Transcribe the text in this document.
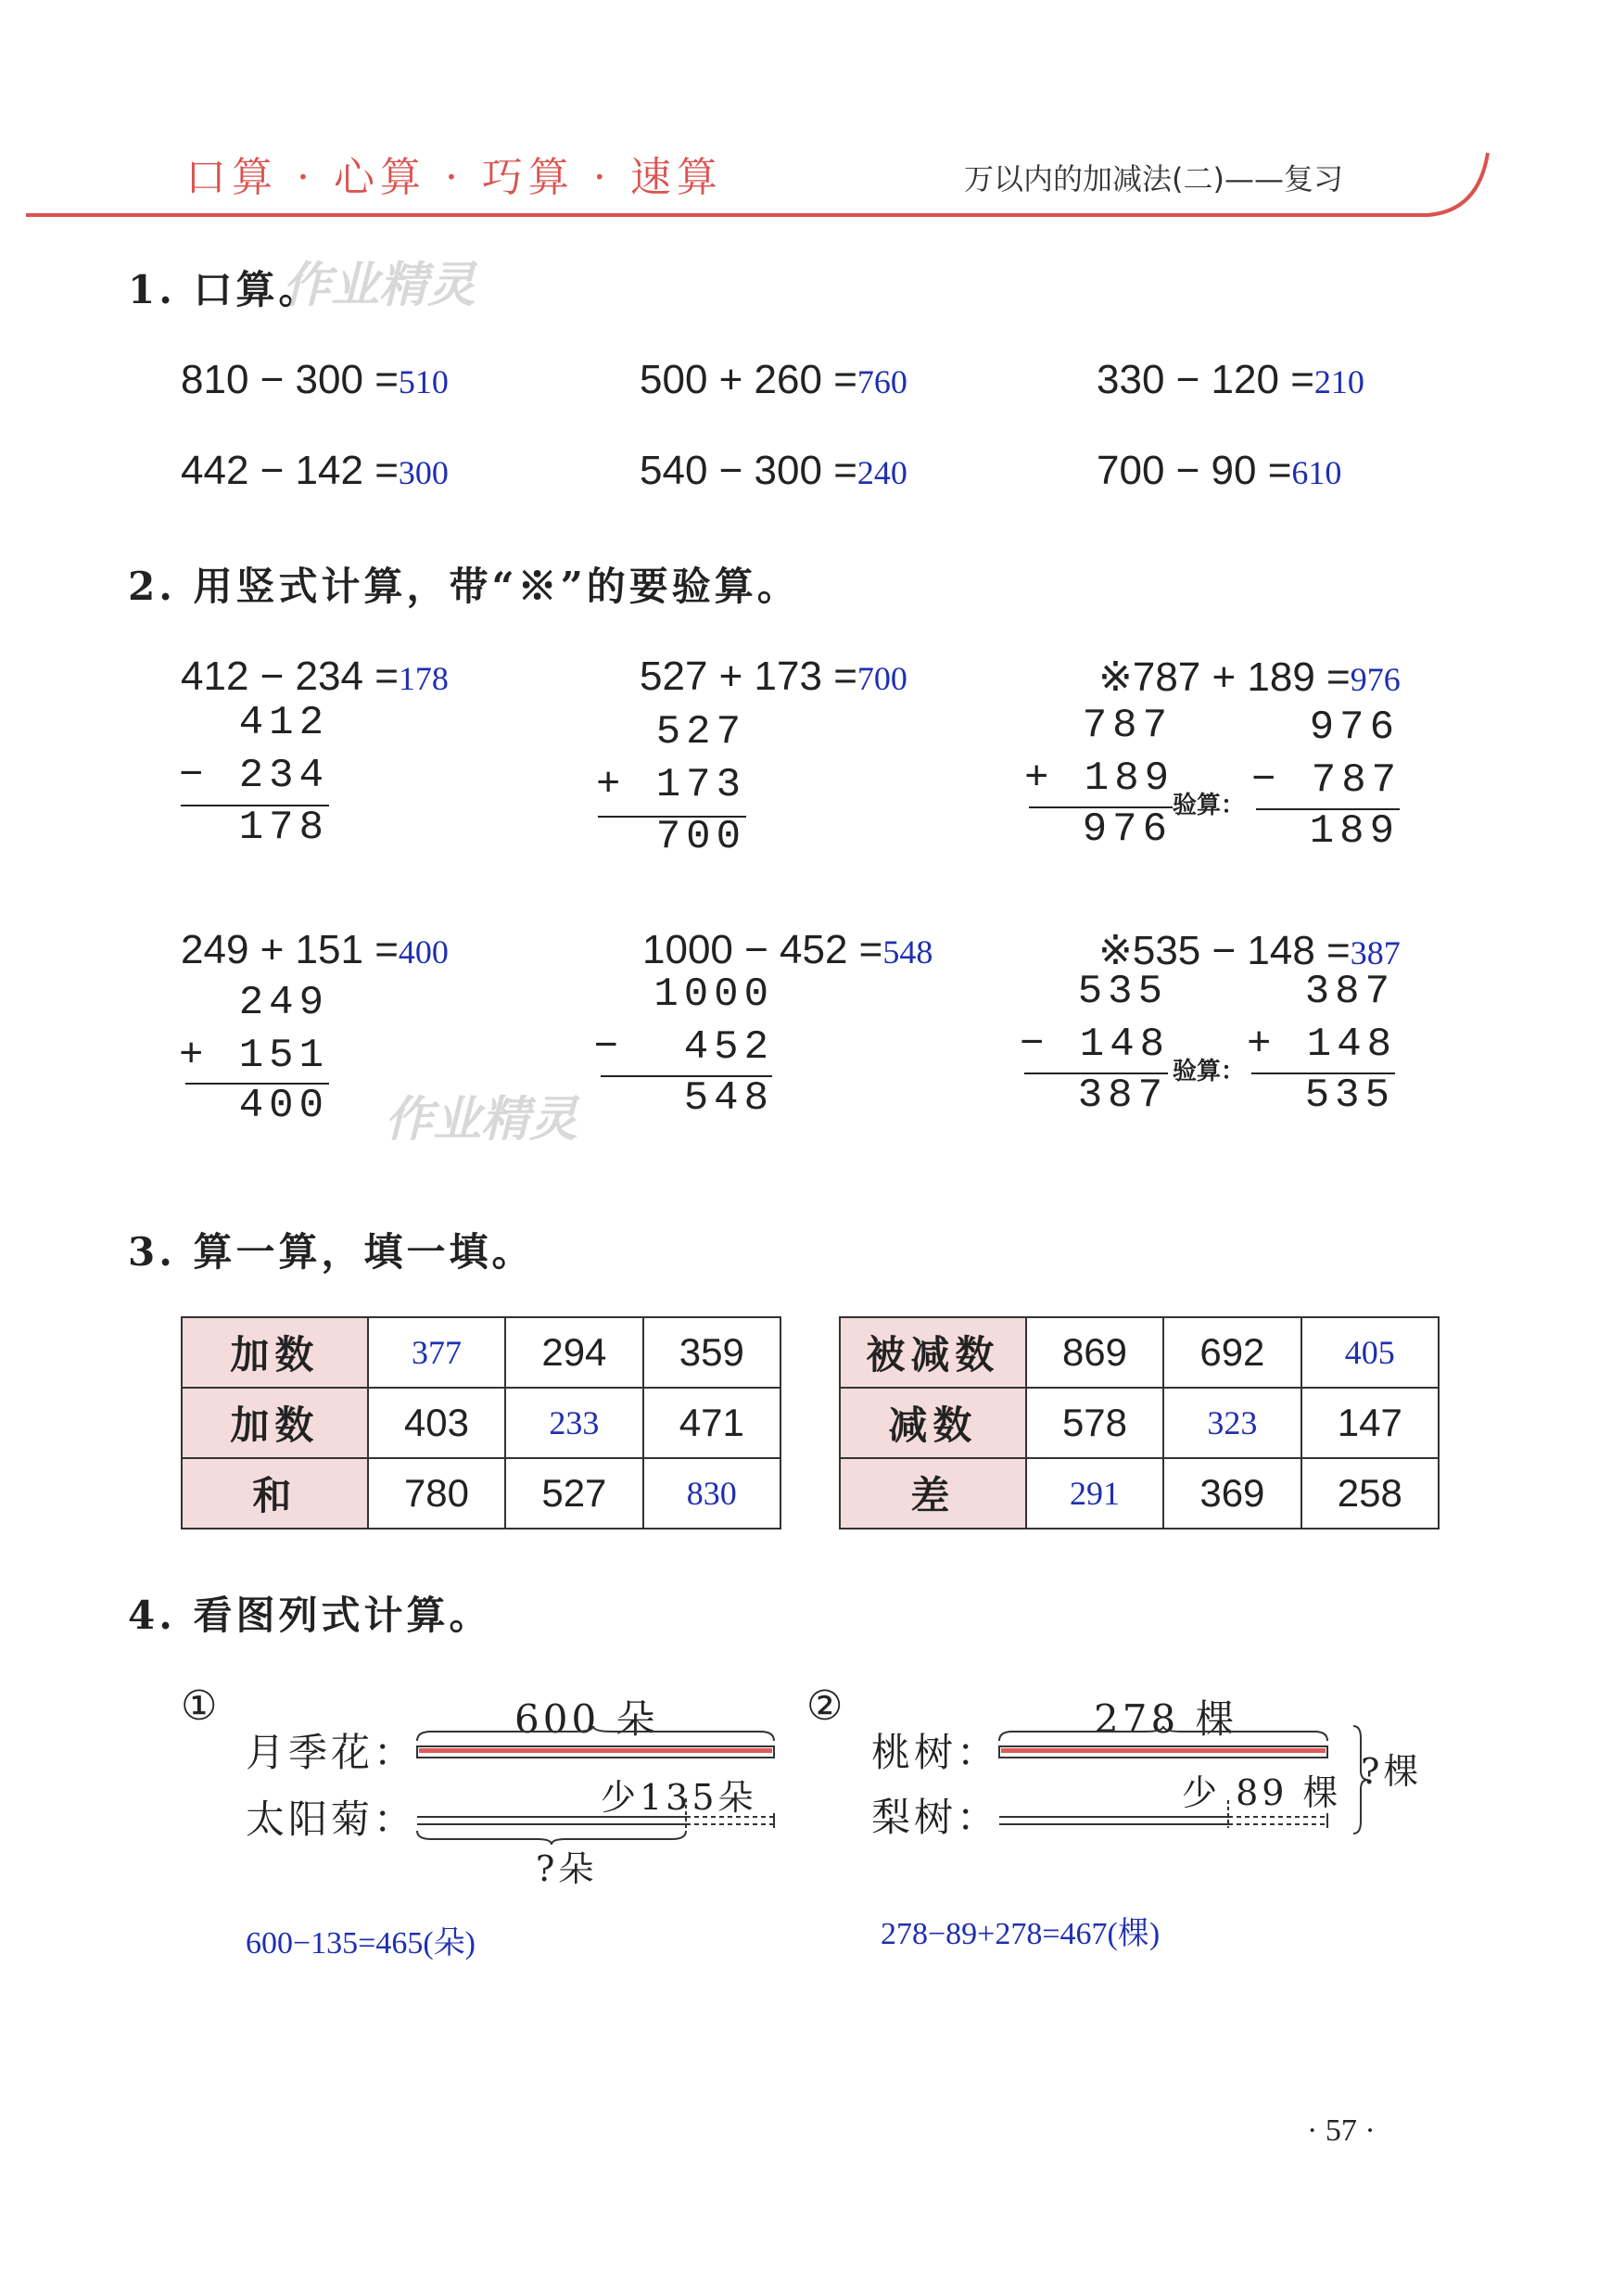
口算 · 心算 · 巧算 · 速算	万以内的加减法(二)——复习
1. 口算。
作业精灵
810 − 300 =510	500 + 260 =760	330 − 120 =210
442 − 142 =300	540 − 300 =240	700 − 90 =610
2. 用竖式计算，带“※”的要验算。
412 − 234 =178
412
− 234
178
527 + 173 =700
527
+ 173
700
※787 + 189 =976
787
+ 189
976
验算：
976
− 787
189
249 + 151 =400
249
+ 151
400 作业精灵
1000 − 452 =548
1000
−  452
548
※535 − 148 =387
535
− 148
387
验算：
387
+ 148
535
3. 算一算，填一填。
加数	377	294	359
加数	403	233	471
和	780	527	830
被减数	869	692	405
减数	578	323	147
差	291	369	258
4. 看图列式计算。
①
月季花：
太阳菊：
600 朵
少135朵
?朵
600−135=465(朵)
②
桃树：
梨树：
278 棵
少 89 棵
?棵
278−89+278=467(棵)
· 57 ·
